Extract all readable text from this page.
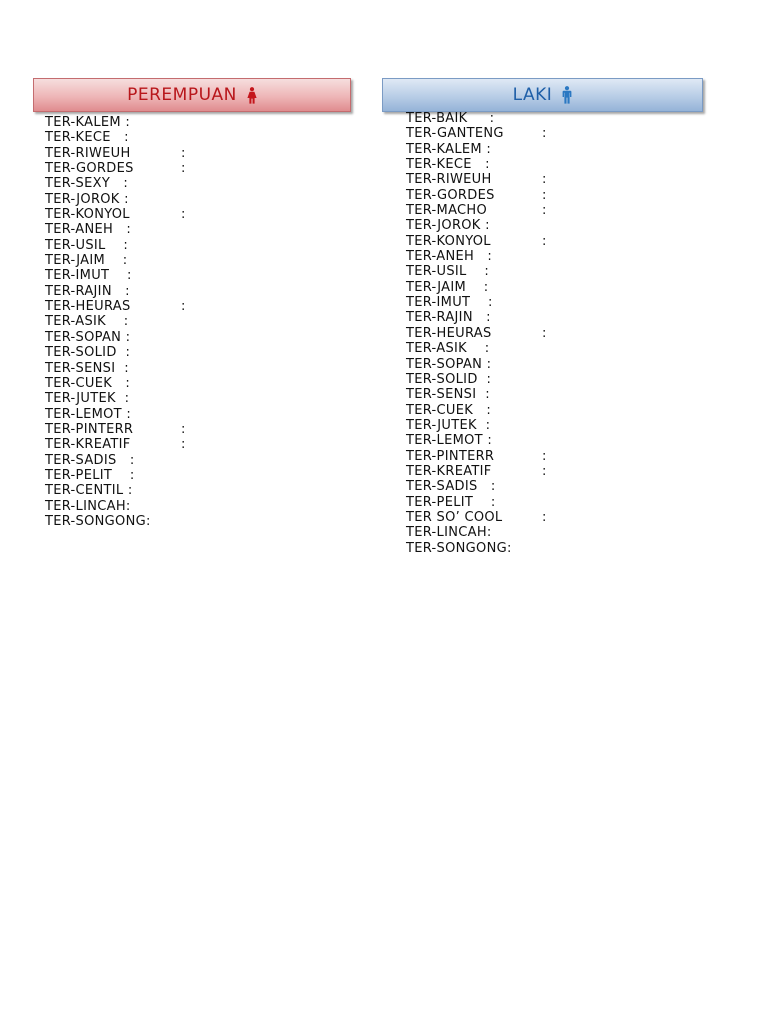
PEREMPUAN
TER-KALEM :
TER-KECE   :
TER-RIWEUH	:
TER-GORDES	:
TER-SEXY   :
TER-JOROK :
TER-KONYOL	:
TER-ANEH   :
TER-USIL    :
TER-JAIM    :
TER-IMUT    :
TER-RAJIN   :
TER-HEURAS	:
TER-ASIK    :
TER-SOPAN :
TER-SOLID  :
TER-SENSI  :
TER-CUEK   :
TER-JUTEK  :
TER-LEMOT :
TER-PINTERR	:
TER-KREATIF	:
TER-SADIS   :
TER-PELIT    :
TER-CENTIL :
TER-LINCAH:
TER-SONGONG:
LAKI
TER-BAIK     :
TER-GANTENG	:
TER-KALEM :
TER-KECE   :
TER-RIWEUH	:
TER-GORDES	:
TER-MACHO	:
TER-JOROK :
TER-KONYOL	:
TER-ANEH   :
TER-USIL    :
TER-JAIM    :
TER-IMUT    :
TER-RAJIN   :
TER-HEURAS	:
TER-ASIK    :
TER-SOPAN :
TER-SOLID  :
TER-SENSI  :
TER-CUEK   :
TER-JUTEK  :
TER-LEMOT :
TER-PINTERR	:
TER-KREATIF	:
TER-SADIS   :
TER-PELIT    :
TER SO’ COOL	:
TER-LINCAH:
TER-SONGONG:
